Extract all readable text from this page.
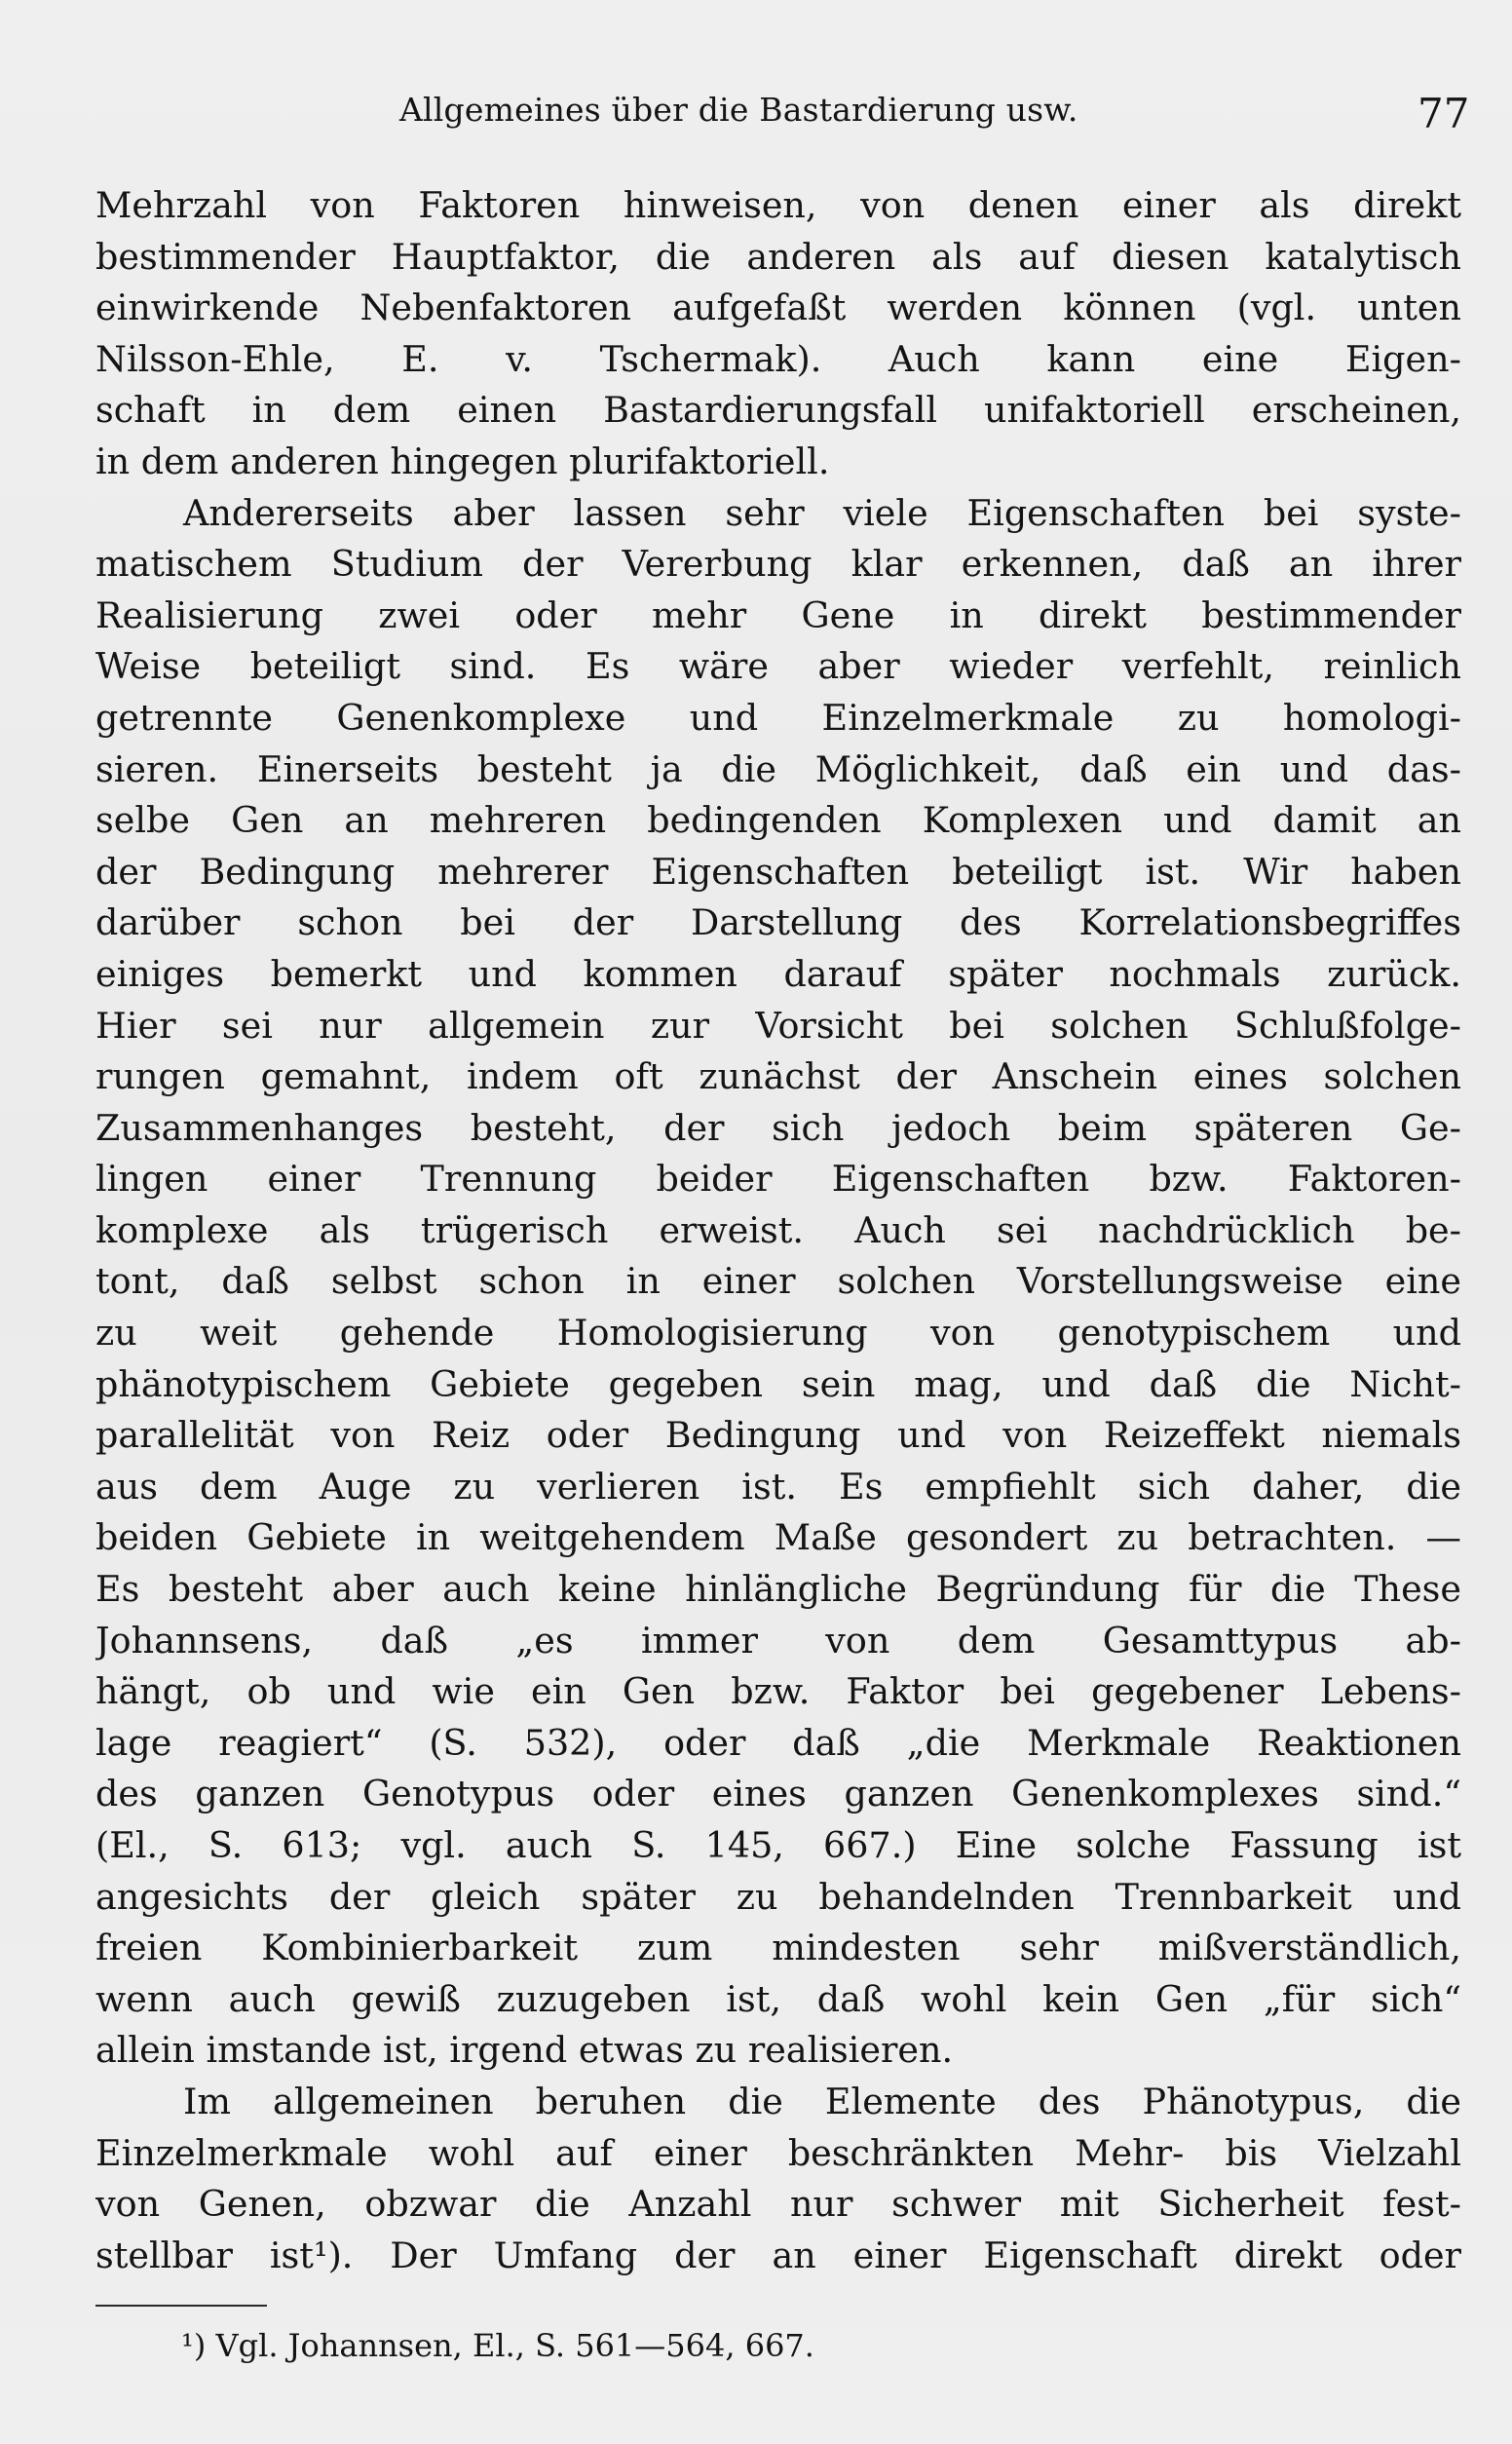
Allgemeines über die Bastardierung usw.	77
Mehrzahl von Faktoren hinweisen, von denen einer als direkt
bestimmender Hauptfaktor, die anderen als auf diesen katalytisch
einwirkende Nebenfaktoren aufgefaßt werden können (vgl. unten
Nilsson-Ehle, E. v. Tschermak). Auch kann eine Eigen-
schaft in dem einen Bastardierungsfall unifaktoriell erscheinen,
in dem anderen hingegen plurifaktoriell.
Andererseits aber lassen sehr viele Eigenschaften bei syste-
matischem Studium der Vererbung klar erkennen, daß an ihrer
Realisierung zwei oder mehr Gene in direkt bestimmender
Weise beteiligt sind. Es wäre aber wieder verfehlt, reinlich
getrennte Genenkomplexe und Einzelmerkmale zu homologi-
sieren. Einerseits besteht ja die Möglichkeit, daß ein und das-
selbe Gen an mehreren bedingenden Komplexen und damit an
der Bedingung mehrerer Eigenschaften beteiligt ist. Wir haben
darüber schon bei der Darstellung des Korrelationsbegriffes
einiges bemerkt und kommen darauf später nochmals zurück.
Hier sei nur allgemein zur Vorsicht bei solchen Schlußfolge-
rungen gemahnt, indem oft zunächst der Anschein eines solchen
Zusammenhanges besteht, der sich jedoch beim späteren Ge-
lingen einer Trennung beider Eigenschaften bzw. Faktoren-
komplexe als trügerisch erweist. Auch sei nachdrücklich be-
tont, daß selbst schon in einer solchen Vorstellungsweise eine
zu weit gehende Homologisierung von genotypischem und
phänotypischem Gebiete gegeben sein mag, und daß die Nicht-
parallelität von Reiz oder Bedingung und von Reizeffekt niemals
aus dem Auge zu verlieren ist. Es empfiehlt sich daher, die
beiden Gebiete in weitgehendem Maße gesondert zu betrachten. —
Es besteht aber auch keine hinlängliche Begründung für die These
Johannsens, daß „es immer von dem Gesamttypus ab-
hängt, ob und wie ein Gen bzw. Faktor bei gegebener Lebens-
lage reagiert“ (S. 532), oder daß „die Merkmale Reaktionen
des ganzen Genotypus oder eines ganzen Genenkomplexes sind.“
(El., S. 613; vgl. auch S. 145, 667.) Eine solche Fassung ist
angesichts der gleich später zu behandelnden Trennbarkeit und
freien Kombinierbarkeit zum mindesten sehr mißverständlich,
wenn auch gewiß zuzugeben ist, daß wohl kein Gen „für sich“
allein imstande ist, irgend etwas zu realisieren.
Im allgemeinen beruhen die Elemente des Phänotypus, die
Einzelmerkmale wohl auf einer beschränkten Mehr- bis Vielzahl
von Genen, obzwar die Anzahl nur schwer mit Sicherheit fest-
stellbar ist¹). Der Umfang der an einer Eigenschaft direkt oder
¹) Vgl. Johannsen, El., S. 561—564, 667.
